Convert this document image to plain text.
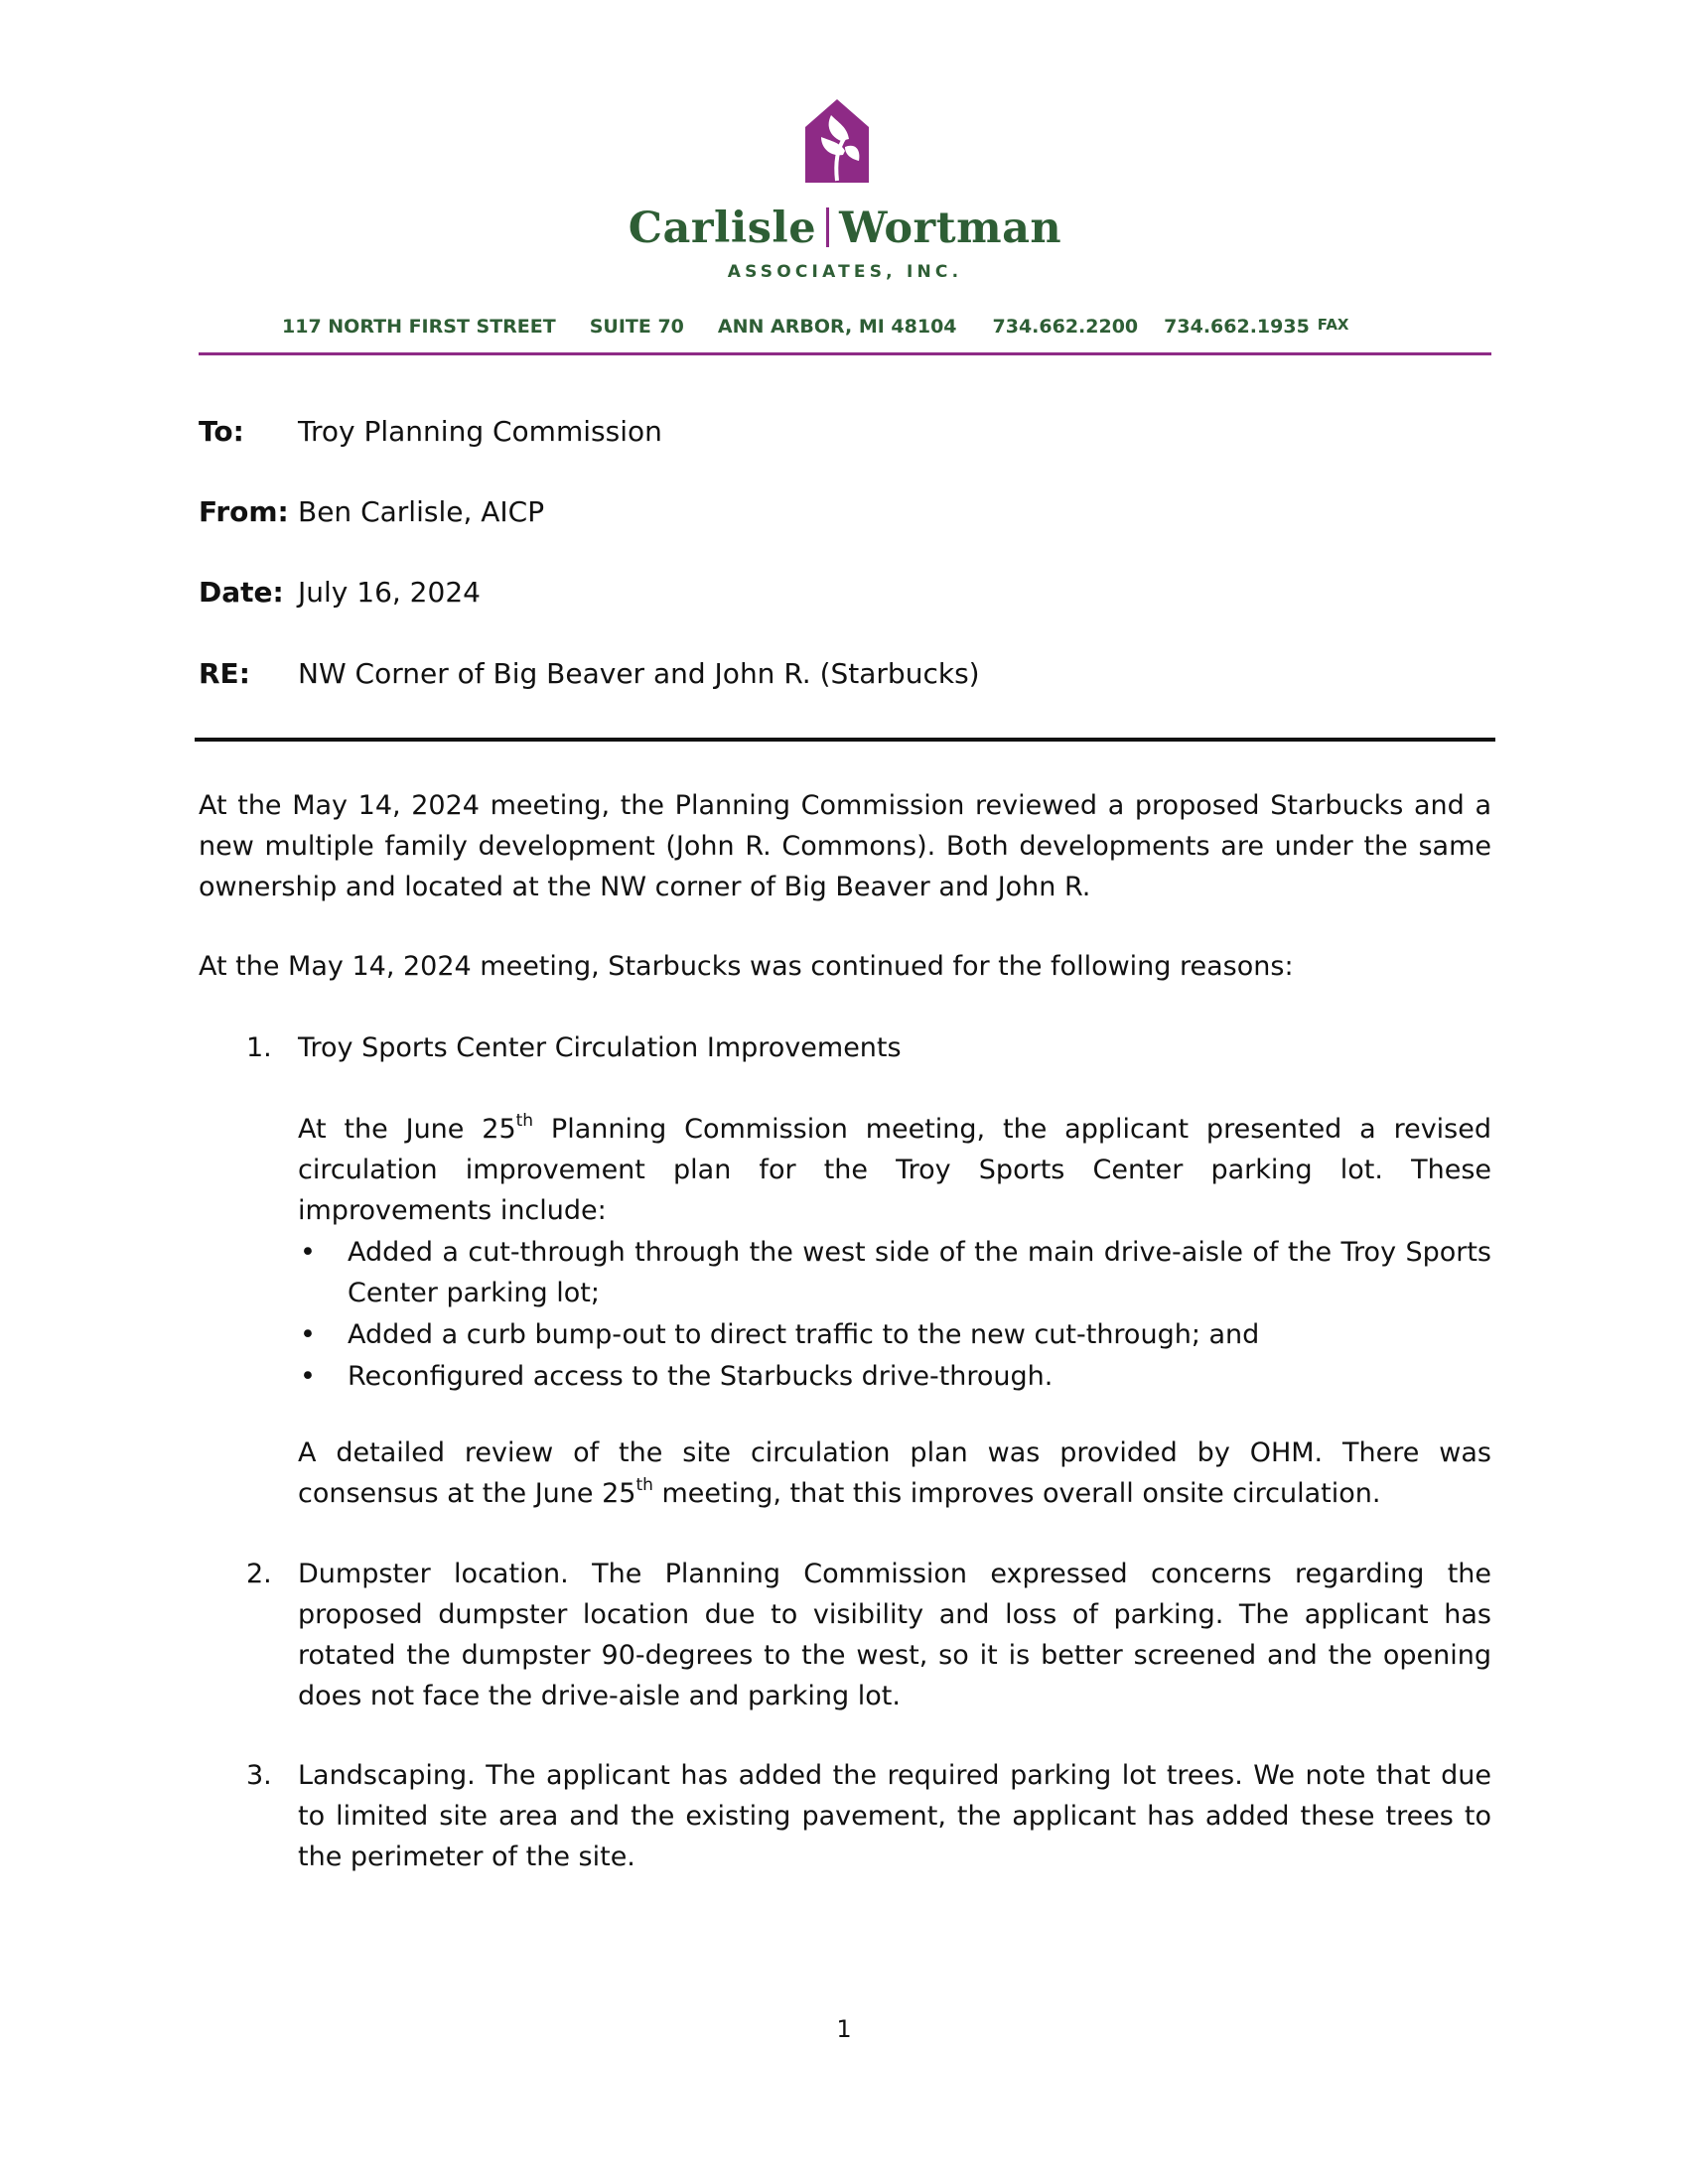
Carlisle Wortman
ASSOCIATES, INC.
117 NORTH FIRST STREET SUITE 70 ANN ARBOR, MI 48104 734.662.2200 734.662.1935 FAX
To: Troy Planning Commission
From: Ben Carlisle, AICP
Date: July 16, 2024
RE: NW Corner of Big Beaver and John R. (Starbucks)
At the May 14, 2024 meeting, the Planning Commission reviewed a proposed Starbucks and a new multiple family development (John R. Commons). Both developments are under the same ownership and located at the NW corner of Big Beaver and John R.
At the May 14, 2024 meeting, Starbucks was continued for the following reasons:
1. Troy Sports Center Circulation Improvements
At the June 25th Planning Commission meeting, the applicant presented a revised circulation improvement plan for the Troy Sports Center parking lot. These improvements include:
• Added a cut-through through the west side of the main drive-aisle of the Troy Sports Center parking lot;
• Added a curb bump-out to direct traffic to the new cut-through; and
• Reconfigured access to the Starbucks drive-through.
A detailed review of the site circulation plan was provided by OHM. There was consensus at the June 25th meeting, that this improves overall onsite circulation.
2. Dumpster location. The Planning Commission expressed concerns regarding the proposed dumpster location due to visibility and loss of parking. The applicant has rotated the dumpster 90-degrees to the west, so it is better screened and the opening does not face the drive-aisle and parking lot.
3. Landscaping. The applicant has added the required parking lot trees. We note that due to limited site area and the existing pavement, the applicant has added these trees to the perimeter of the site.
1
